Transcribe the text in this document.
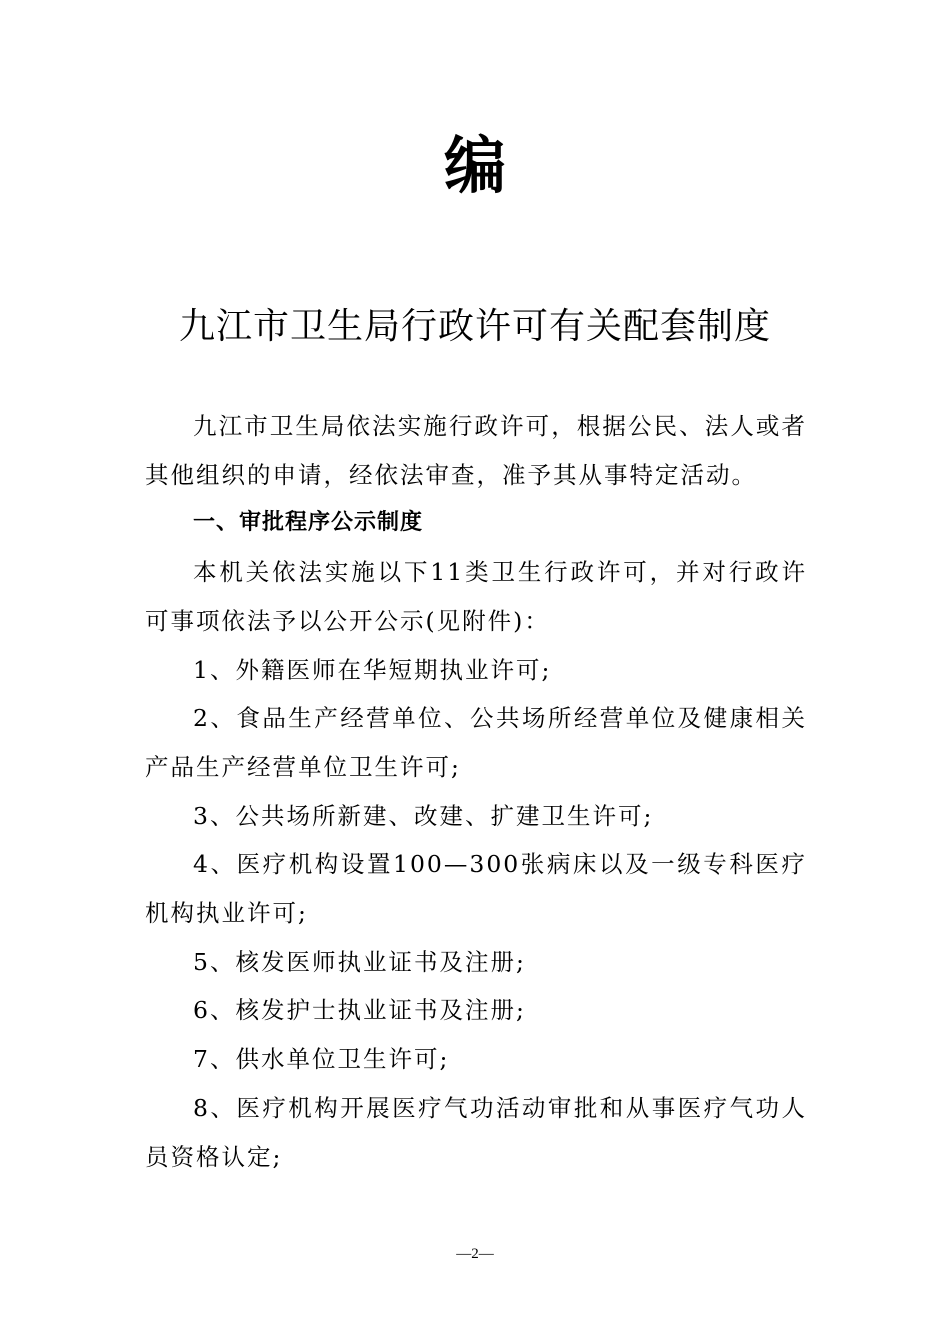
编
九江市卫生局行政许可有关配套制度

九江市卫生局依法实施行政许可，根据公民、法人或者其他组织的申请，经依法审查，准予其从事特定活动。

一、审批程序公示制度

本机关依法实施以下11类卫生行政许可，并对行政许可事项依法予以公开公示(见附件)：

1、外籍医师在华短期执业许可;

2、食品生产经营单位、公共场所经营单位及健康相关产品生产经营单位卫生许可;

3、公共场所新建、改建、扩建卫生许可;

4、医疗机构设置100—300张病床以及一级专科医疗机构执业许可;

5、核发医师执业证书及注册;

6、核发护士执业证书及注册;

7、供水单位卫生许可;

8、医疗机构开展医疗气功活动审批和从事医疗气功人员资格认定;

—2—
